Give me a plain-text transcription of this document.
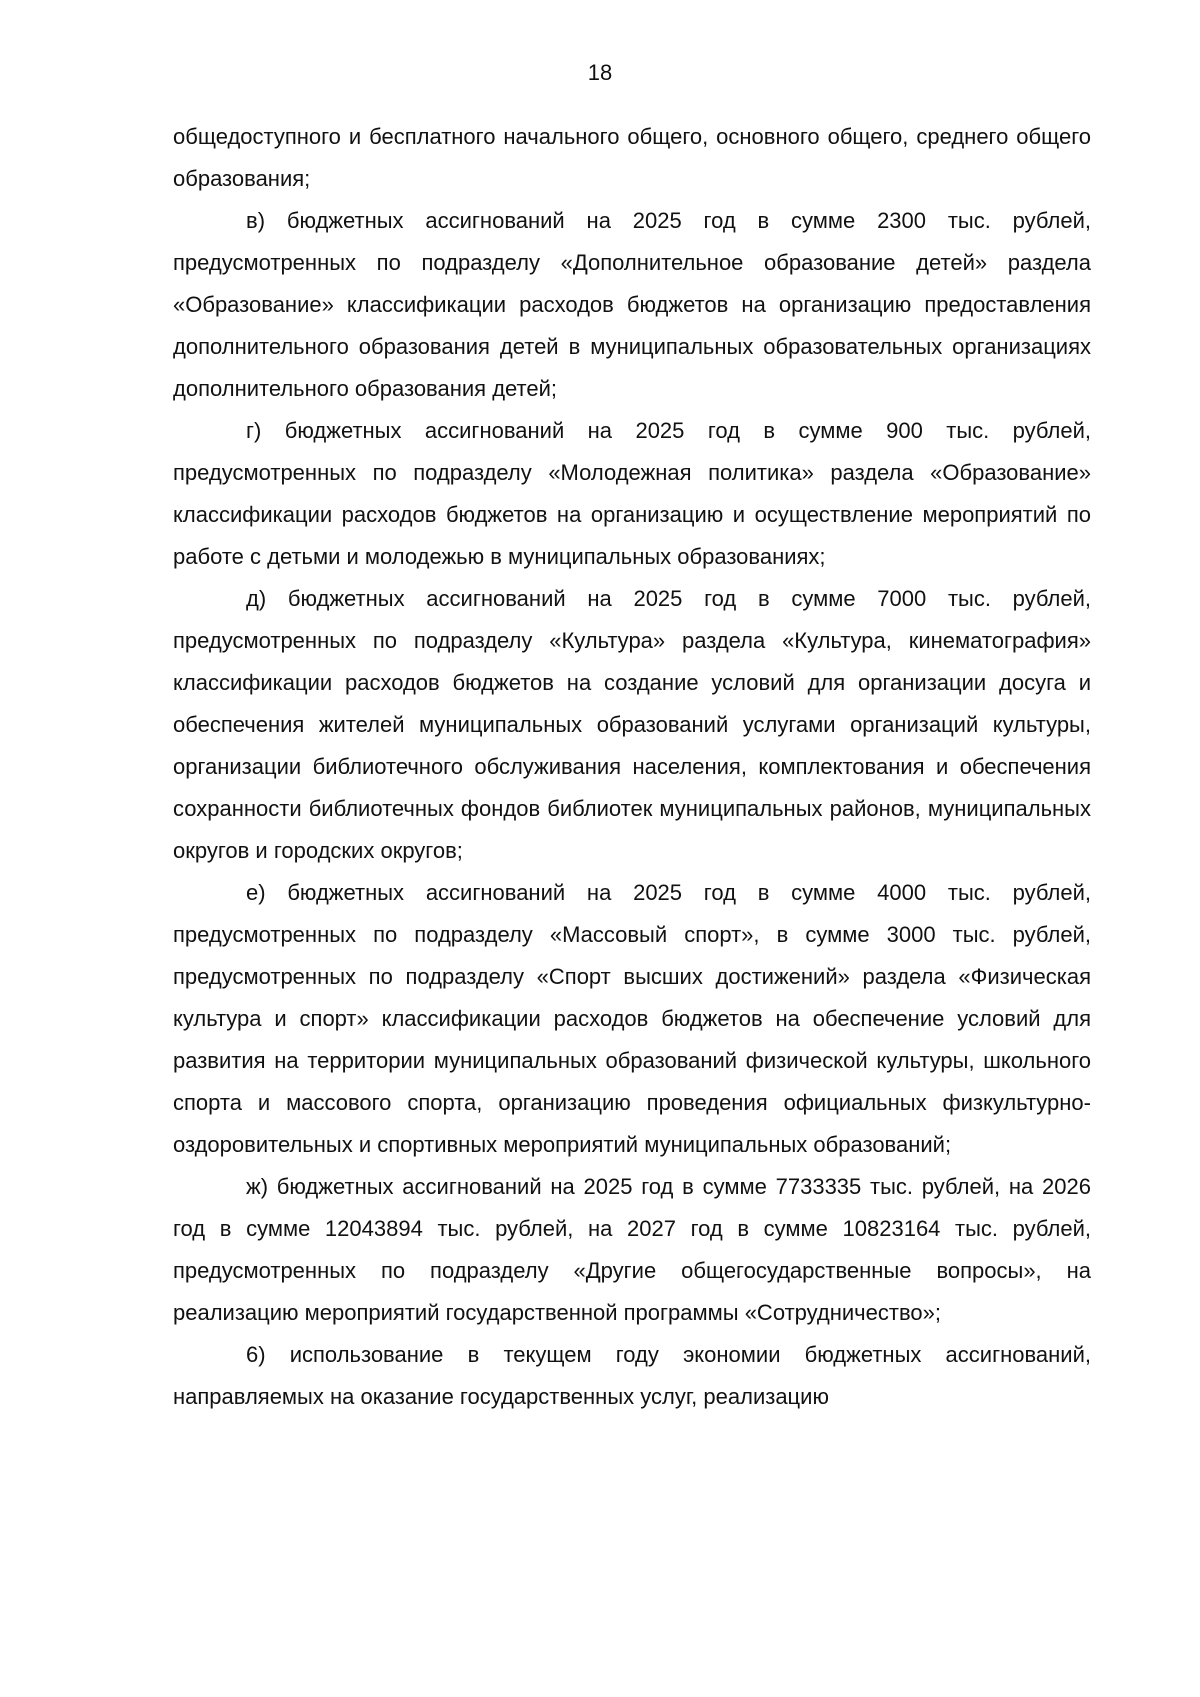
18

общедоступного и бесплатного начального общего, основного общего, среднего общего образования;

в) бюджетных ассигнований на 2025 год в сумме 2300 тыс. рублей, предусмотренных по подразделу «Дополнительное образование детей» раздела «Образование» классификации расходов бюджетов на организацию предоставления дополнительного образования детей в муниципальных образовательных организациях дополнительного образования детей;

г) бюджетных ассигнований на 2025 год в сумме 900 тыс. рублей, предусмотренных по подразделу «Молодежная политика» раздела «Образование» классификации расходов бюджетов на организацию и осуществление мероприятий по работе с детьми и молодежью в муниципальных образованиях;

д) бюджетных ассигнований на 2025 год в сумме 7000 тыс. рублей, предусмотренных по подразделу «Культура» раздела «Культура, кинематография» классификации расходов бюджетов на создание условий для организации досуга и обеспечения жителей муниципальных образований услугами организаций культуры, организации библиотечного обслуживания населения, комплектования и обеспечения сохранности библиотечных фондов библиотек муниципальных районов, муниципальных округов и городских округов;

е) бюджетных ассигнований на 2025 год в сумме 4000 тыс. рублей, предусмотренных по подразделу «Массовый спорт», в сумме 3000 тыс. рублей, предусмотренных по подразделу «Спорт высших достижений» раздела «Физическая культура и спорт» классификации расходов бюджетов на обеспечение условий для развития на территории муниципальных образований физической культуры, школьного спорта и массового спорта, организацию проведения официальных физкультурно-оздоровительных и спортивных мероприятий муниципальных образований;

ж) бюджетных ассигнований на 2025 год в сумме 7733335 тыс. рублей, на 2026 год в сумме 12043894 тыс. рублей, на 2027 год в сумме 10823164 тыс. рублей, предусмотренных по подразделу «Другие общегосударственные вопросы», на реализацию мероприятий государственной программы «Сотрудничество»;

6) использование в текущем году экономии бюджетных ассигнований, направляемых на оказание государственных услуг, реализацию
